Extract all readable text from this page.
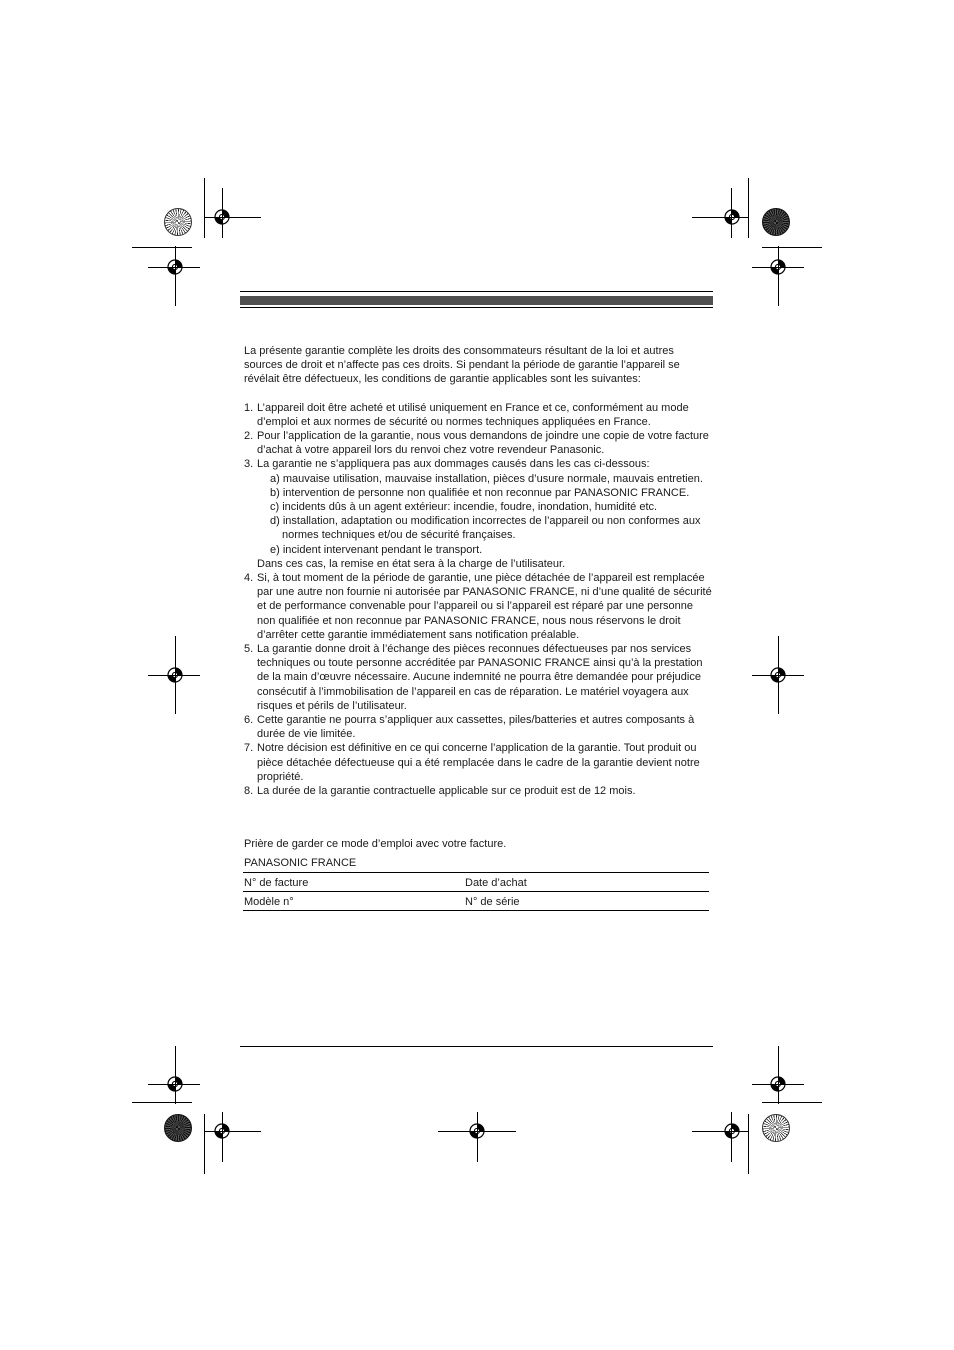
La présente garantie complète les droits des consommateurs résultant de la loi et autres sources de droit et n’affecte pas ces droits. Si pendant la période de garantie l’appareil se révélait être défectueux, les conditions de garantie applicables sont les suivantes:

1. L’appareil doit être acheté et utilisé uniquement en France et ce, conformément au mode d’emploi et aux normes de sécurité ou normes techniques appliquées en France.
2. Pour l’application de la garantie, nous vous demandons de joindre une copie de votre facture d’achat à votre appareil lors du renvoi chez votre revendeur Panasonic.
3. La garantie ne s’appliquera pas aux dommages causés dans les cas ci-dessous:
a) mauvaise utilisation, mauvaise installation, pièces d’usure normale, mauvais entretien.
b) intervention de personne non qualifiée et non reconnue par PANASONIC FRANCE.
c) incidents dûs à un agent extérieur: incendie, foudre, inondation, humidité etc.
d) installation, adaptation ou modification incorrectes de l’appareil ou non conformes aux normes techniques et/ou de sécurité françaises.
e) incident intervenant pendant le transport.
Dans ces cas, la remise en état sera à la charge de l’utilisateur.
4. Si, à tout moment de la période de garantie, une pièce détachée de l’appareil est remplacée par une autre non fournie ni autorisée par PANASONIC FRANCE, ni d’une qualité de sécurité et de performance convenable pour l’appareil ou si l’appareil est réparé par une personne non qualifiée et non reconnue par PANASONIC FRANCE, nous nous réservons le droit d’arrêter cette garantie immédiatement sans notification préalable.
5. La garantie donne droit à l’échange des pièces reconnues défectueuses par nos services techniques ou toute personne accréditée par PANASONIC FRANCE ainsi qu’à la prestation de la main d’œuvre nécessaire. Aucune indemnité ne pourra être demandée pour préjudice consécutif à l’immobilisation de l’appareil en cas de réparation. Le matériel voyagera aux risques et périls de l’utilisateur.
6. Cette garantie ne pourra s’appliquer aux cassettes, piles/batteries et autres composants à durée de vie limitée.
7. Notre décision est définitive en ce qui concerne l’application de la garantie. Tout produit ou pièce détachée défectueuse qui a été remplacée dans le cadre de la garantie devient notre propriété.
8. La durée de la garantie contractuelle applicable sur ce produit est de 12 mois.
Prière de garder ce mode d’emploi avec votre facture.
PANASONIC FRANCE
N° de facture	Date d’achat
Modèle n°	N° de série
